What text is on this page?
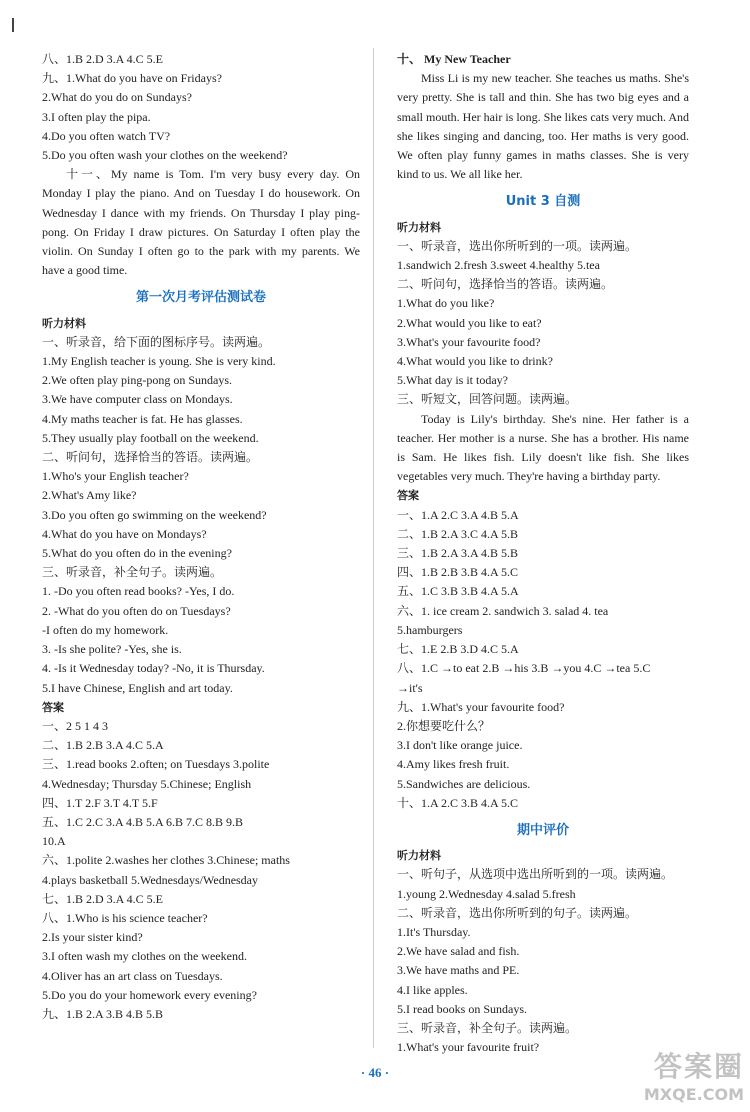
八、1.B 2.D 3.A 4.C 5.E
九、1.What do you have on Fridays?
2.What do you do on Sundays?
3.I often play the pipa.
4.Do you often watch TV?
5.Do you often wash your clothes on the weekend?
十一、My name is Tom. I'm very busy every day. On Monday I play the piano. And on Tuesday I do housework. On Wednesday I dance with my friends. On Thursday I play ping-pong. On Friday I draw pictures. On Saturday I often play the violin. On Sunday I often go to the park with my parents. We have a good time.
第一次月考评估测试卷
听力材料
一、听录音，给下面的图标序号。读两遍。
1.My English teacher is young. She is very kind.
2.We often play ping-pong on Sundays.
3.We have computer class on Mondays.
4.My maths teacher is fat. He has glasses.
5.They usually play football on the weekend.
二、听问句，选择恰当的答语。读两遍。
1.Who's your English teacher?
2.What's Amy like?
3.Do you often go swimming on the weekend?
4.What do you have on Mondays?
5.What do you often do in the evening?
三、听录音，补全句子。读两遍。
1. -Do you often read books? -Yes, I do.
2. -What do you often do on Tuesdays?
-I often do my homework.
3. -Is she polite? -Yes, she is.
4. -Is it Wednesday today? -No, it is Thursday.
5.I have Chinese, English and art today.
答案
一、2 5 1 4 3
二、1.B 2.B 3.A 4.C 5.A
三、1.read books 2.often; on Tuesdays 3.polite
4.Wednesday; Thursday 5.Chinese; English
四、1.T 2.F 3.T 4.T 5.F
五、1.C 2.C 3.A 4.B 5.A 6.B 7.C 8.B 9.B
10.A
六、1.polite 2.washes her clothes 3.Chinese; maths
4.plays basketball 5.Wednesdays/Wednesday
七、1.B 2.D 3.A 4.C 5.E
八、1.Who is his science teacher?
2.Is your sister kind?
3.I often wash my clothes on the weekend.
4.Oliver has an art class on Tuesdays.
5.Do you do your homework every evening?
九、1.B 2.A 3.B 4.B 5.B
十、 My New Teacher
Miss Li is my new teacher. She teaches us maths. She's very pretty. She is tall and thin. She has two big eyes and a small mouth. Her hair is long. She likes cats very much. And she likes singing and dancing, too. Her maths is very good. We often play funny games in maths classes. She is very kind to us. We all like her.
Unit 3 自测
听力材料
一、听录音，选出你所听到的一项。读两遍。
1.sandwich 2.fresh 3.sweet 4.healthy 5.tea
二、听问句，选择恰当的答语。读两遍。
1.What do you like?
2.What would you like to eat?
3.What's your favourite food?
4.What would you like to drink?
5.What day is it today?
三、听短文，回答问题。读两遍。
Today is Lily's birthday. She's nine. Her father is a teacher. Her mother is a nurse. She has a brother. His name is Sam. He likes fish. Lily doesn't like fish. She likes vegetables very much. They're having a birthday party.
答案
一、1.A 2.C 3.A 4.B 5.A
二、1.B 2.A 3.C 4.A 5.B
三、1.B 2.A 3.A 4.B 5.B
四、1.B 2.B 3.B 4.A 5.C
五、1.C 3.B 3.B 4.A 5.A
六、1. ice cream 2. sandwich 3. salad 4. tea
5.hamburgers
七、1.E 2.B 3.D 4.C 5.A
八、1.C →to eat 2.B →his 3.B →you 4.C →tea 5.C
→it's
九、1.What's your favourite food?
2.你想要吃什么？
3.I don't like orange juice.
4.Amy likes fresh fruit.
5.Sandwiches are delicious.
十、1.A 2.C 3.B 4.A 5.C
期中评价
听力材料
一、听句子，从选项中选出所听到的一项。读两遍。
1.young 2.Wednesday 4.salad 5.fresh
二、听录音，选出你所听到的句子。读两遍。
1.It's Thursday.
2.We have salad and fish.
3.We have maths and PE.
4.I like apples.
5.I read books on Sundays.
三、听录音，补全句子。读两遍。
1.What's your favourite fruit?
· 46 ·	答案圈
MXQE.COM
